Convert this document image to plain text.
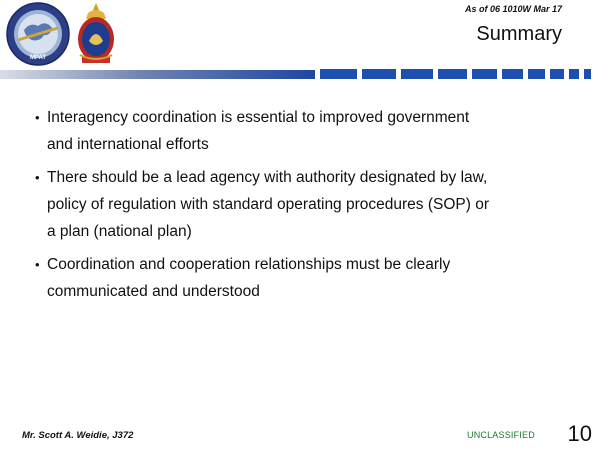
MPAT
As of 06 1010W Mar 17
Summary
• Interagency coordination is essential to improved government
and international efforts
• There should be a lead agency with authority designated by law,
policy of regulation with standard operating procedures (SOP) or
a plan (national plan)
• Coordination and cooperation relationships must be clearly
communicated and understood
Mr. Scott A. Weidie, J372	UNCLASSIFIED 10
